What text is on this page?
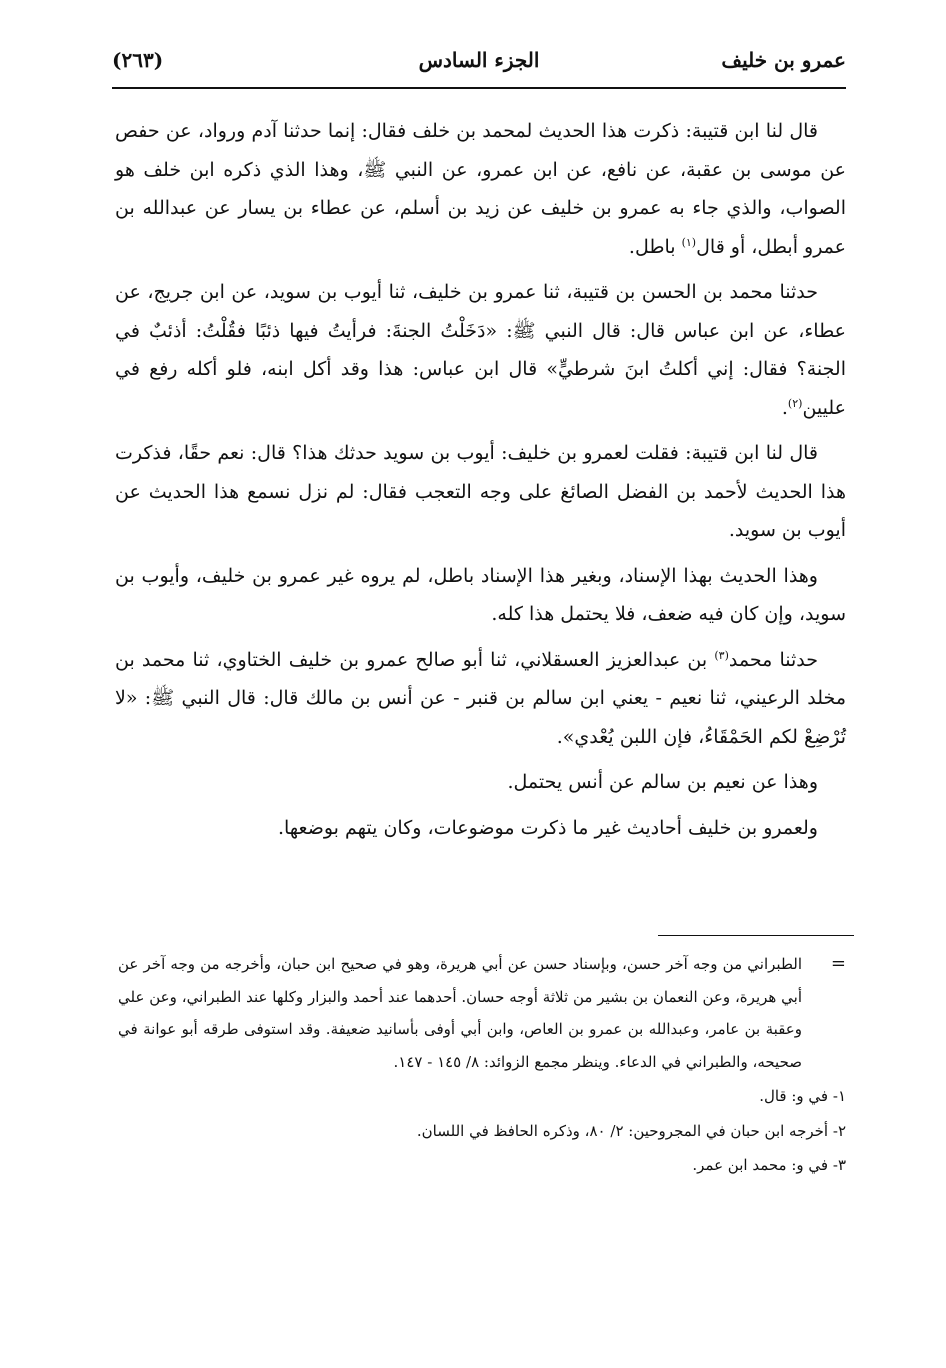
عمرو بن خليف
الجزء السادس
(٢٦٣)

قال لنا ابن قتيبة: ذكرت هذا الحديث لمحمد بن خلف فقال: إنما حدثنا آدم ورواد، عن حفص عن موسى بن عقبة، عن نافع، عن ابن عمرو، عن النبي ﷺ، وهذا الذي ذكره ابن خلف هو الصواب، والذي جاء به عمرو بن خليف عن زيد بن أسلم، عن عطاء بن يسار عن عبدالله بن عمرو أبطل، أو قال$^{(١)}$ باطل.

حدثنا محمد بن الحسن بن قتيبة، ثنا عمرو بن خليف، ثنا أيوب بن سويد، عن ابن جريج، عن عطاء، عن ابن عباس قال: قال النبي ﷺ: «دَخَلْتُ الجنةَ: فرأيتُ فيها ذئبًا فقُلْتُ: أذئبٌ في الجنة؟ فقال: إني أكلتُ ابنَ شرطيٍّ» قال ابن عباس: هذا وقد أكل ابنه، فلو أكله رفع في عليين$^{(٢)}$.

قال لنا ابن قتيبة: فقلت لعمرو بن خليف: أيوب بن سويد حدثك هذا؟ قال: نعم حقًا، فذكرت هذا الحديث لأحمد بن الفضل الصائغ على وجه التعجب فقال: لم نزل نسمع هذا الحديث عن أيوب بن سويد.

وهذا الحديث بهذا الإسناد، وبغير هذا الإسناد باطل، لم يروه غير عمرو بن خليف، وأيوب بن سويد، وإن كان فيه ضعف، فلا يحتمل هذا كله.

حدثنا محمد$^{(٣)}$ بن عبدالعزيز العسقلاني، ثنا أبو صالح عمرو بن خليف الختاوي، ثنا محمد بن مخلد الرعيني، ثنا نعيم - يعني ابن سالم بن قنبر - عن أنس بن مالك قال: قال النبي ﷺ: «لا تُرْضِعْ لكم الحَمْقَاءُ، فإن اللبن يُعْدي».

وهذا عن نعيم بن سالم عن أنس يحتمل.

ولعمرو بن خليف أحاديث غير ما ذكرت موضوعات، وكان يتهم بوضعها.

=
الطبراني من وجه آخر حسن، وبإسناد حسن عن أبي هريرة، وهو في صحيح ابن حبان، وأخرجه من وجه آخر عن أبي هريرة، وعن النعمان بن بشير من ثلاثة أوجه حسان. أحدهما عند أحمد والبزار وكلها عند الطبراني، وعن علي وعقبة بن عامر، وعبدالله بن عمرو بن العاص، وابن أبي أوفى بأسانيد ضعيفة. وقد استوفى طرقه أبو عوانة في صحيحه، والطبراني في الدعاء. وينظر مجمع الزوائد: ٨/ ١٤٥ - ١٤٧.
١- في و: قال.
٢- أخرجه ابن حبان في المجروحين: ٢/ ٨٠، وذكره الحافظ في اللسان.
٣- في و: محمد ابن عمر.
